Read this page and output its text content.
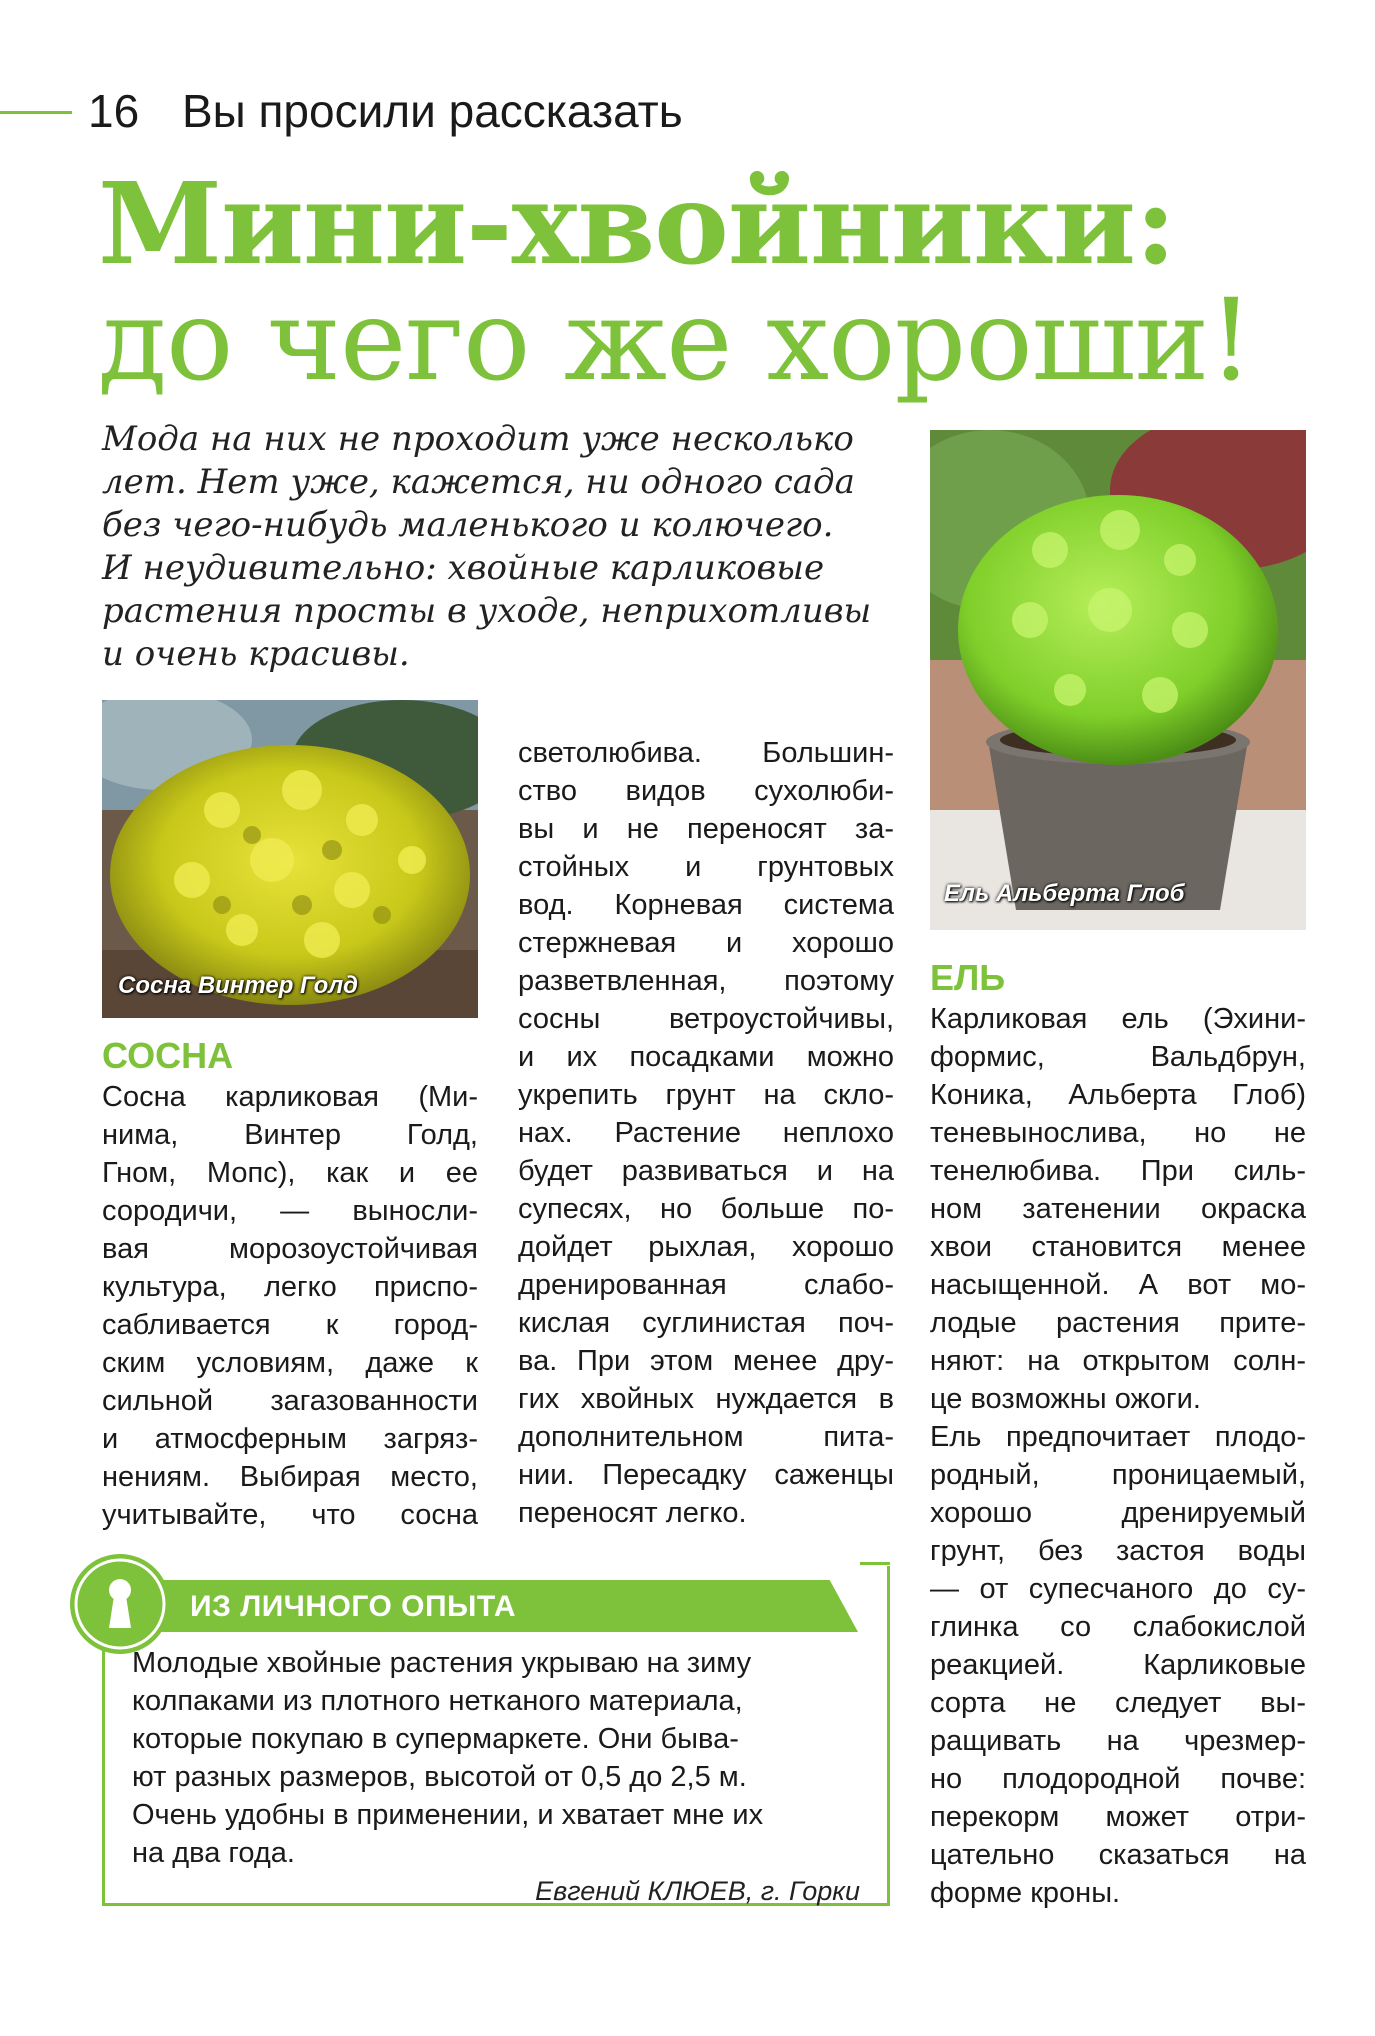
16 Вы просили рассказать
Мини-хвойники:
до чего же хороши!
Мода на них не проходит уже несколько
лет. Нет уже, кажется, ни одного сада
без чего-нибудь маленького и колючего.
И неудивительно: хвойные карликовые
растения просты в уходе, неприхотливы
и очень красивы.
Сосна Винтер Голд
Ель Альберта Глоб
СОСНА
Сосна карликовая (Ми-
нима, Винтер Голд,
Гном, Мопс), как и ее
сородичи, — выносли-
вая морозоустойчивая
культура, легко приспо-
сабливается к город-
ским условиям, даже к
сильной загазованности
и атмосферным загряз-
нениям. Выбирая место,
учитывайте, что сосна
светолюбива. Большин-
ство видов сухолюби-
вы и не переносят за-
стойных и грунтовых
вод. Корневая система
стержневая и хорошо
разветвленная, поэтому
сосны ветроустойчивы,
и их посадками можно
укрепить грунт на скло-
нах. Растение неплохо
будет развиваться и на
супесях, но больше по-
дойдет рыхлая, хорошо
дренированная слабо-
кислая суглинистая поч-
ва. При этом менее дру-
гих хвойных нуждается в
дополнительном пита-
нии. Пересадку саженцы
переносят легко.
ЕЛЬ
Карликовая ель (Эхини-
формис, Вальдбрун,
Коника, Альберта Глоб)
теневынослива, но не
тенелюбива. При силь-
ном затенении окраска
хвои становится менее
насыщенной. А вот мо-
лодые растения прите-
няют: на открытом солн-
це возможны ожоги.
Ель предпочитает плодо-
родный, проницаемый,
хорошо дренируемый
грунт, без застоя воды
— от супесчаного до су-
глинка со слабокислой
реакцией. Карликовые
сорта не следует вы-
ращивать на чрезмер-
но плодородной почве:
перекорм может отри-
цательно сказаться на
форме кроны.
ИЗ ЛИЧНОГО ОПЫТА
Молодые хвойные растения укрываю на зиму
колпаками из плотного нетканого материала,
которые покупаю в супермаркете. Они быва-
ют разных размеров, высотой от 0,5 до 2,5 м.
Очень удобны в применении, и хватает мне их
на два года.
Евгений КЛЮЕВ, г. Горки
